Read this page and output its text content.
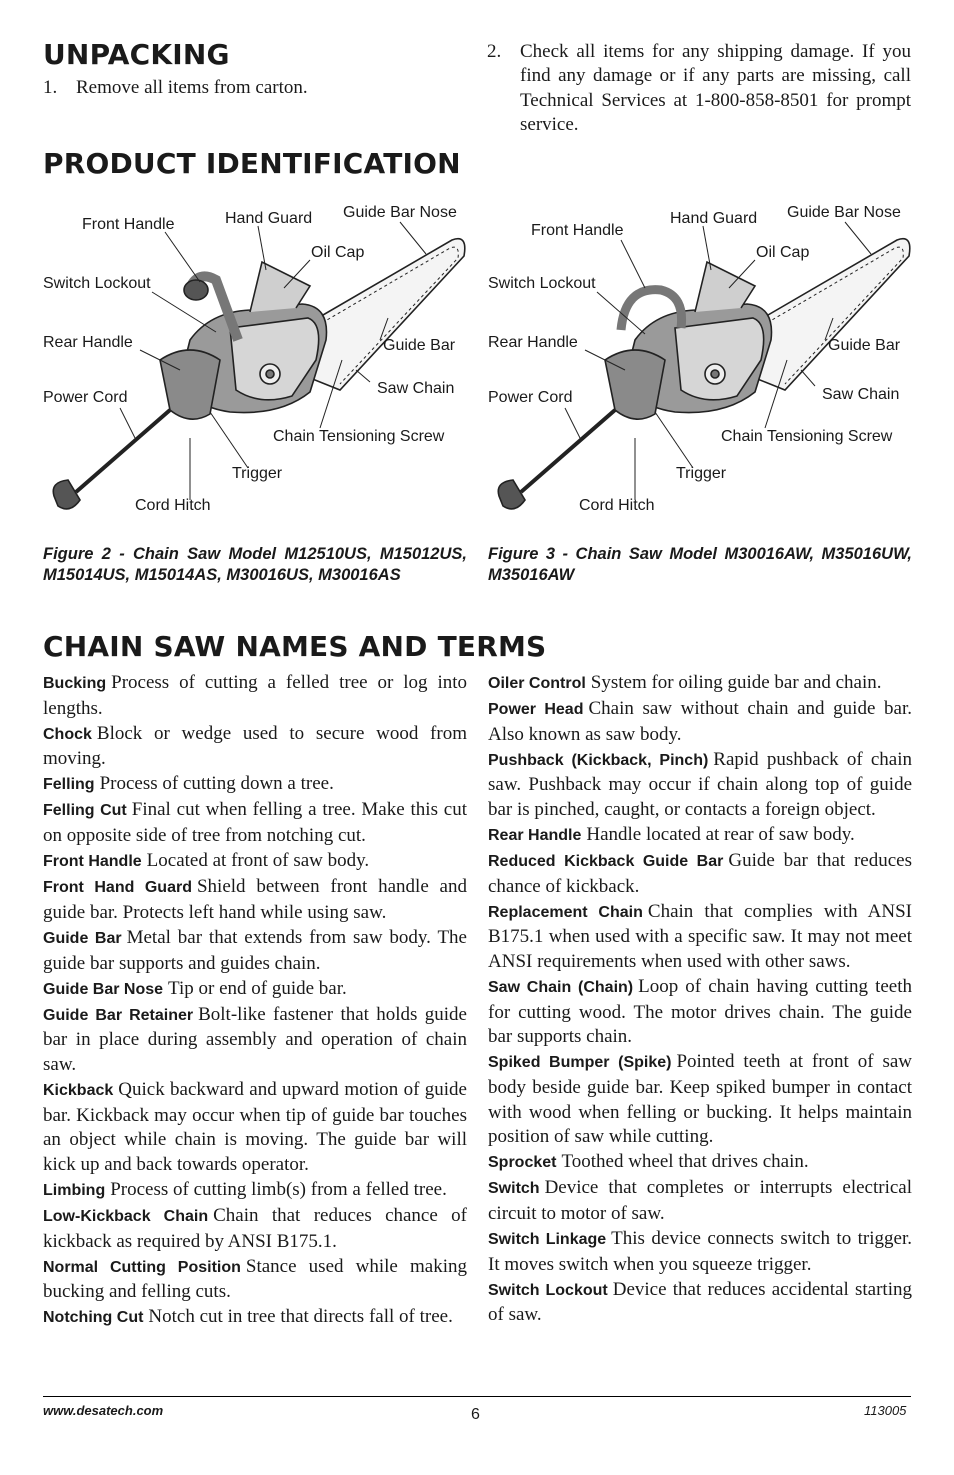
UNPACKING
1. Remove all items from carton.
2. Check all items for any shipping damage. If you find any damage or if any parts are missing, call Technical Services at 1-800-858-8501 for prompt service.
PRODUCT IDENTIFICATION
Front Handle	Hand Guard Guide Bar Nose
Oil Cap
Switch Lockout
Rear Handle	Guide Bar
Saw Chain
Power Cord
Chain Tensioning Screw
Trigger
Cord Hitch
Front Handle
Hand Guard Guide Bar Nose
Oil Cap
Switch Lockout
Rear Handle	Guide Bar
Saw Chain
Power Cord
Chain Tensioning Screw
Trigger
Cord Hitch
Figure 2 - Chain Saw Model M12510US, M15012US, M15014US, M15014AS, M30016US, M30016AS
Figure 3 - Chain Saw Model M30016AW, M35016UW, M35016AW
CHAIN SAW NAMES AND TERMS

Bucking Process of cutting a felled tree or log into lengths.

Chock Block or wedge used to secure wood from moving.

Felling Process of cutting down a tree.

Felling Cut Final cut when felling a tree. Make this cut on opposite side of tree from notching cut.

Front Handle Located at front of saw body.

Front Hand Guard Shield between front handle and guide bar. Protects left hand while using saw.

Guide Bar Metal bar that extends from saw body. The guide bar supports and guides chain.

Guide Bar Nose Tip or end of guide bar.

Guide Bar Retainer Bolt-like fastener that holds guide bar in place during assembly and operation of chain saw.

Kickback Quick backward and upward motion of guide bar. Kickback may occur when tip of guide bar touches an object while chain is moving. The guide bar will kick up and back towards operator.

Limbing Process of cutting limb(s) from a felled tree.

Low-Kickback Chain Chain that reduces chance of kickback as required by ANSI B175.1.

Normal Cutting Position Stance used while making bucking and felling cuts.

Notching Cut Notch cut in tree that directs fall of tree.

Oiler Control System for oiling guide bar and chain.

Power Head Chain saw without chain and guide bar. Also known as saw body.

Pushback (Kickback, Pinch) Rapid pushback of chain saw. Pushback may occur if chain along top of guide bar is pinched, caught, or contacts a foreign object.

Rear Handle Handle located at rear of saw body.

Reduced Kickback Guide Bar Guide bar that reduces chance of kickback.

Replacement Chain Chain that complies with ANSI B175.1 when used with a specific saw. It may not meet ANSI requirements when used with other saws.

Saw Chain (Chain) Loop of chain having cutting teeth for cutting wood. The motor drives chain. The guide bar supports chain.

Spiked Bumper (Spike) Pointed teeth at front of saw body beside guide bar. Keep spiked bumper in contact with wood when felling or bucking. It helps maintain position of saw while cutting.

Sprocket Toothed wheel that drives chain.

Switch Device that completes or interrupts electrical circuit to motor of saw.

Switch Linkage This device connects switch to trigger. It moves switch when you squeeze trigger.

Switch Lockout Device that reduces accidental starting of saw.

www.desatech.com	6	113005
